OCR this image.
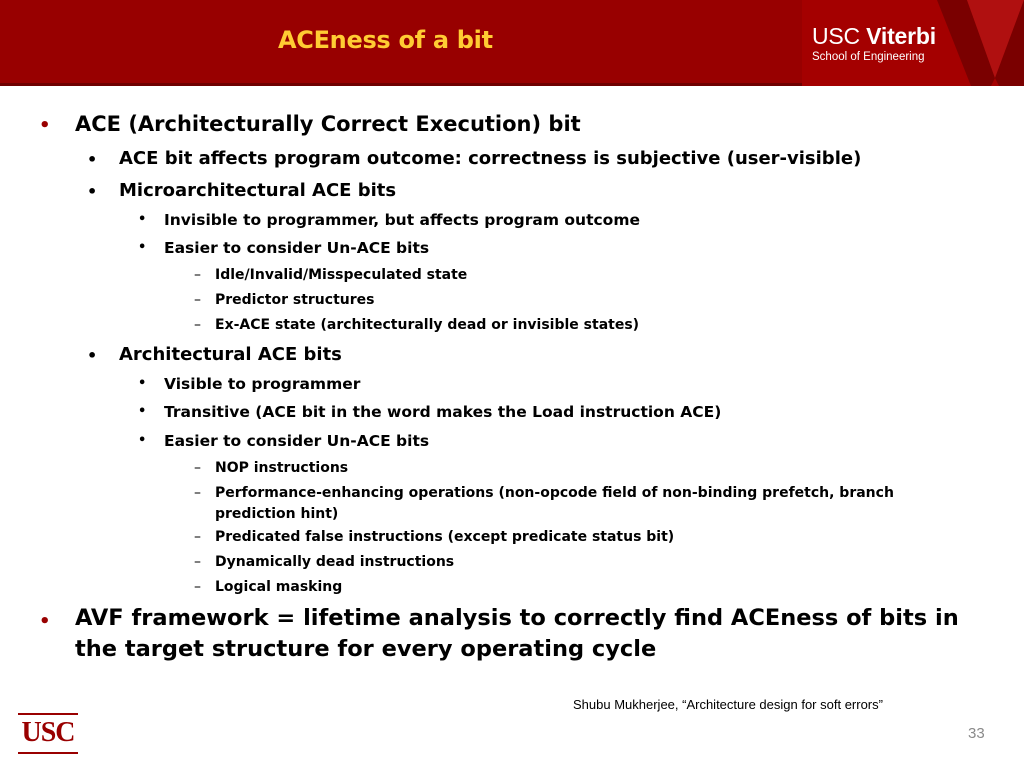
ACEness of a bit	USC Viterbi
School of Engineering
• ACE (Architecturally Correct Execution) bit
• ACE bit affects program outcome: correctness is subjective (user-visible)
• Microarchitectural ACE bits
• Invisible to programmer, but affects program outcome
• Easier to consider Un-ACE bits
– Idle/Invalid/Misspeculated state
– Predictor structures
– Ex-ACE state (architecturally dead or invisible states)
• Architectural ACE bits
• Visible to programmer
• Transitive (ACE bit in the word makes the Load instruction ACE)
• Easier to consider Un-ACE bits
– NOP instructions
– Performance-enhancing operations (non-opcode field of non-binding prefetch, branch prediction hint)
– Predicated false instructions (except predicate status bit)
– Dynamically dead instructions
– Logical masking
• AVF framework = lifetime analysis to correctly find ACEness of bits in the target structure for every operating cycle
Shubu Mukherjee, “Architecture design for soft errors”
33
USC
